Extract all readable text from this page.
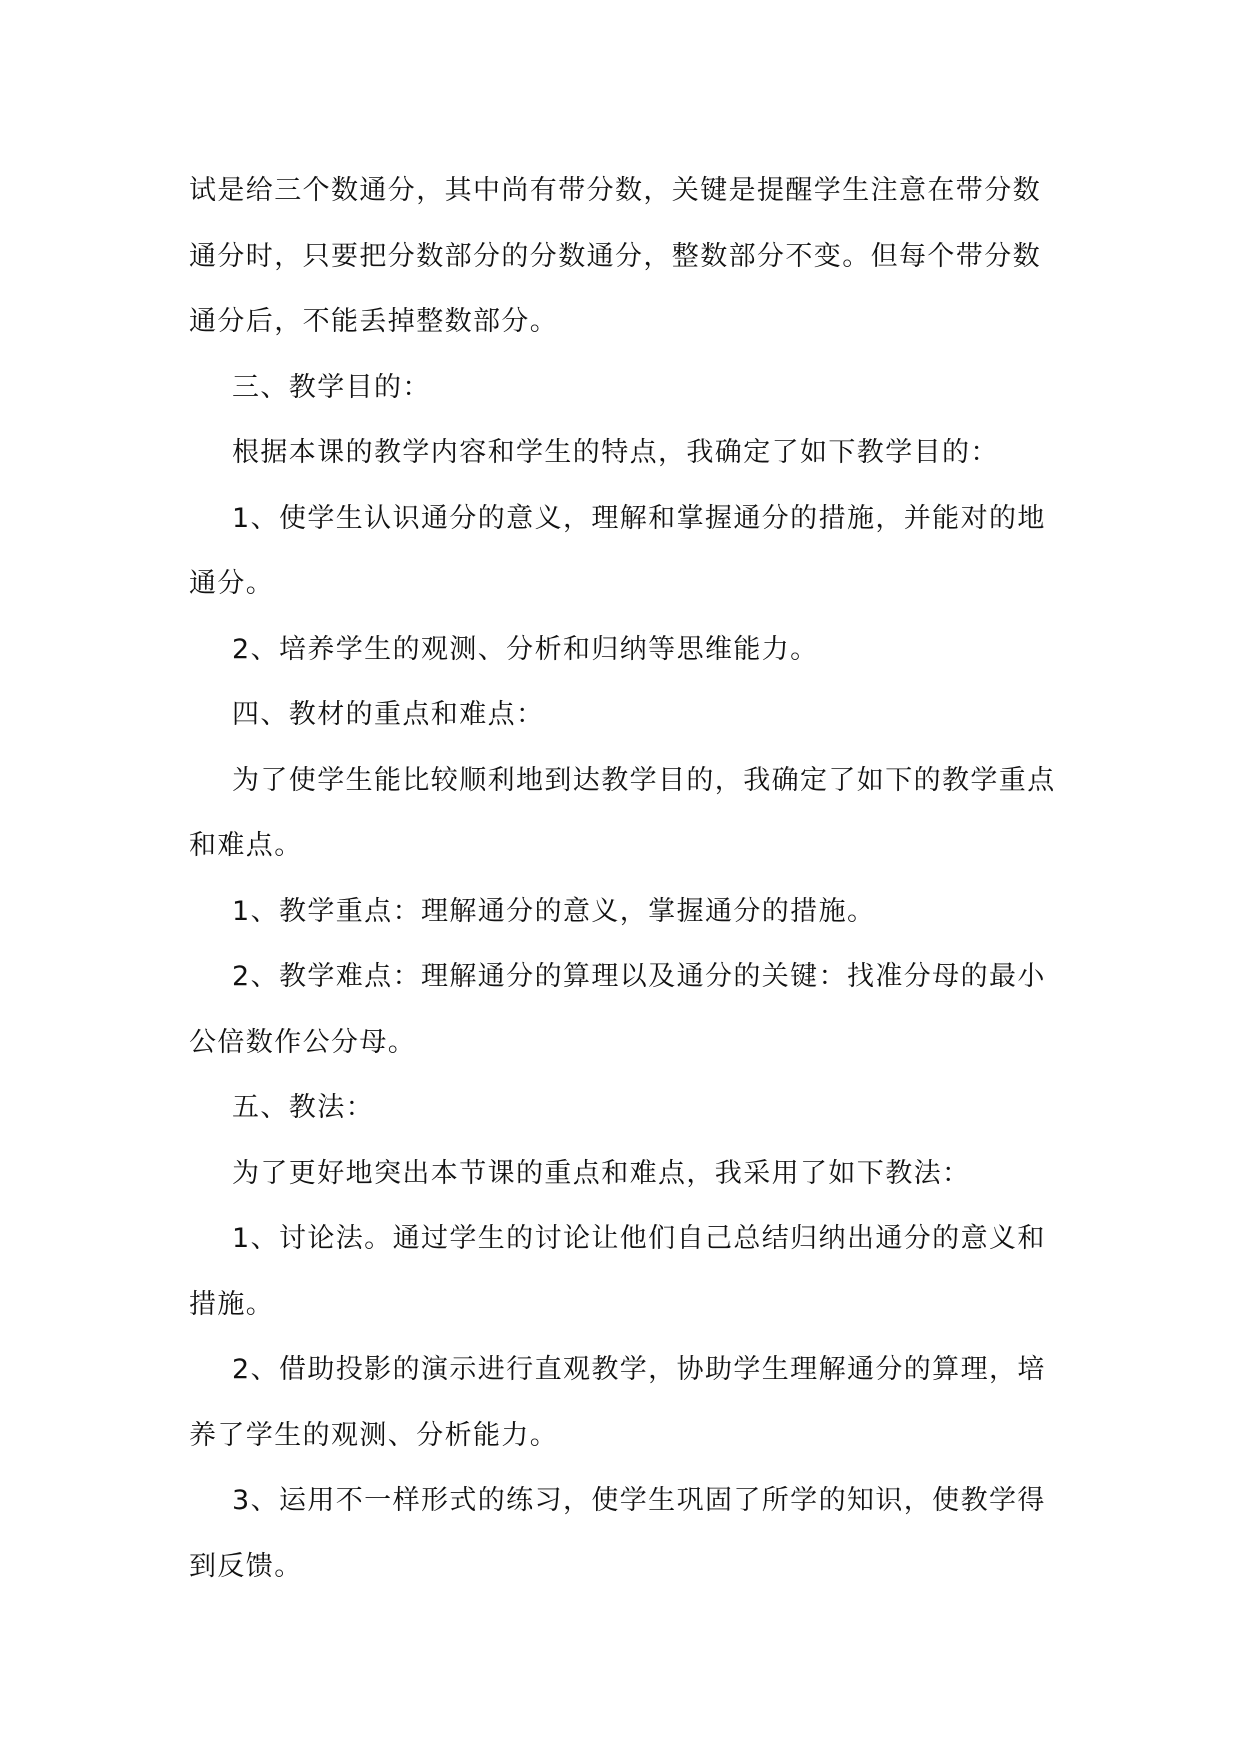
试是给三个数通分，其中尚有带分数，关键是提醒学生注意在带分数通分时，只要把分数部分的分数通分，整数部分不变。但每个带分数通分后，不能丢掉整数部分。

三、教学目的：

根据本课的教学内容和学生的特点，我确定了如下教学目的：

1、使学生认识通分的意义，理解和掌握通分的措施，并能对的地通分。

2、培养学生的观测、分析和归纳等思维能力。

四、教材的重点和难点：

为了使学生能比较顺利地到达教学目的，我确定了如下的教学重点和难点。

1、教学重点：理解通分的意义，掌握通分的措施。

2、教学难点：理解通分的算理以及通分的关键：找准分母的最小公倍数作公分母。

五、教法：

为了更好地突出本节课的重点和难点，我采用了如下教法：

1、讨论法。通过学生的讨论让他们自己总结归纳出通分的意义和措施。

2、借助投影的演示进行直观教学，协助学生理解通分的算理，培养了学生的观测、分析能力。

3、运用不一样形式的练习，使学生巩固了所学的知识，使教学得到反馈。
